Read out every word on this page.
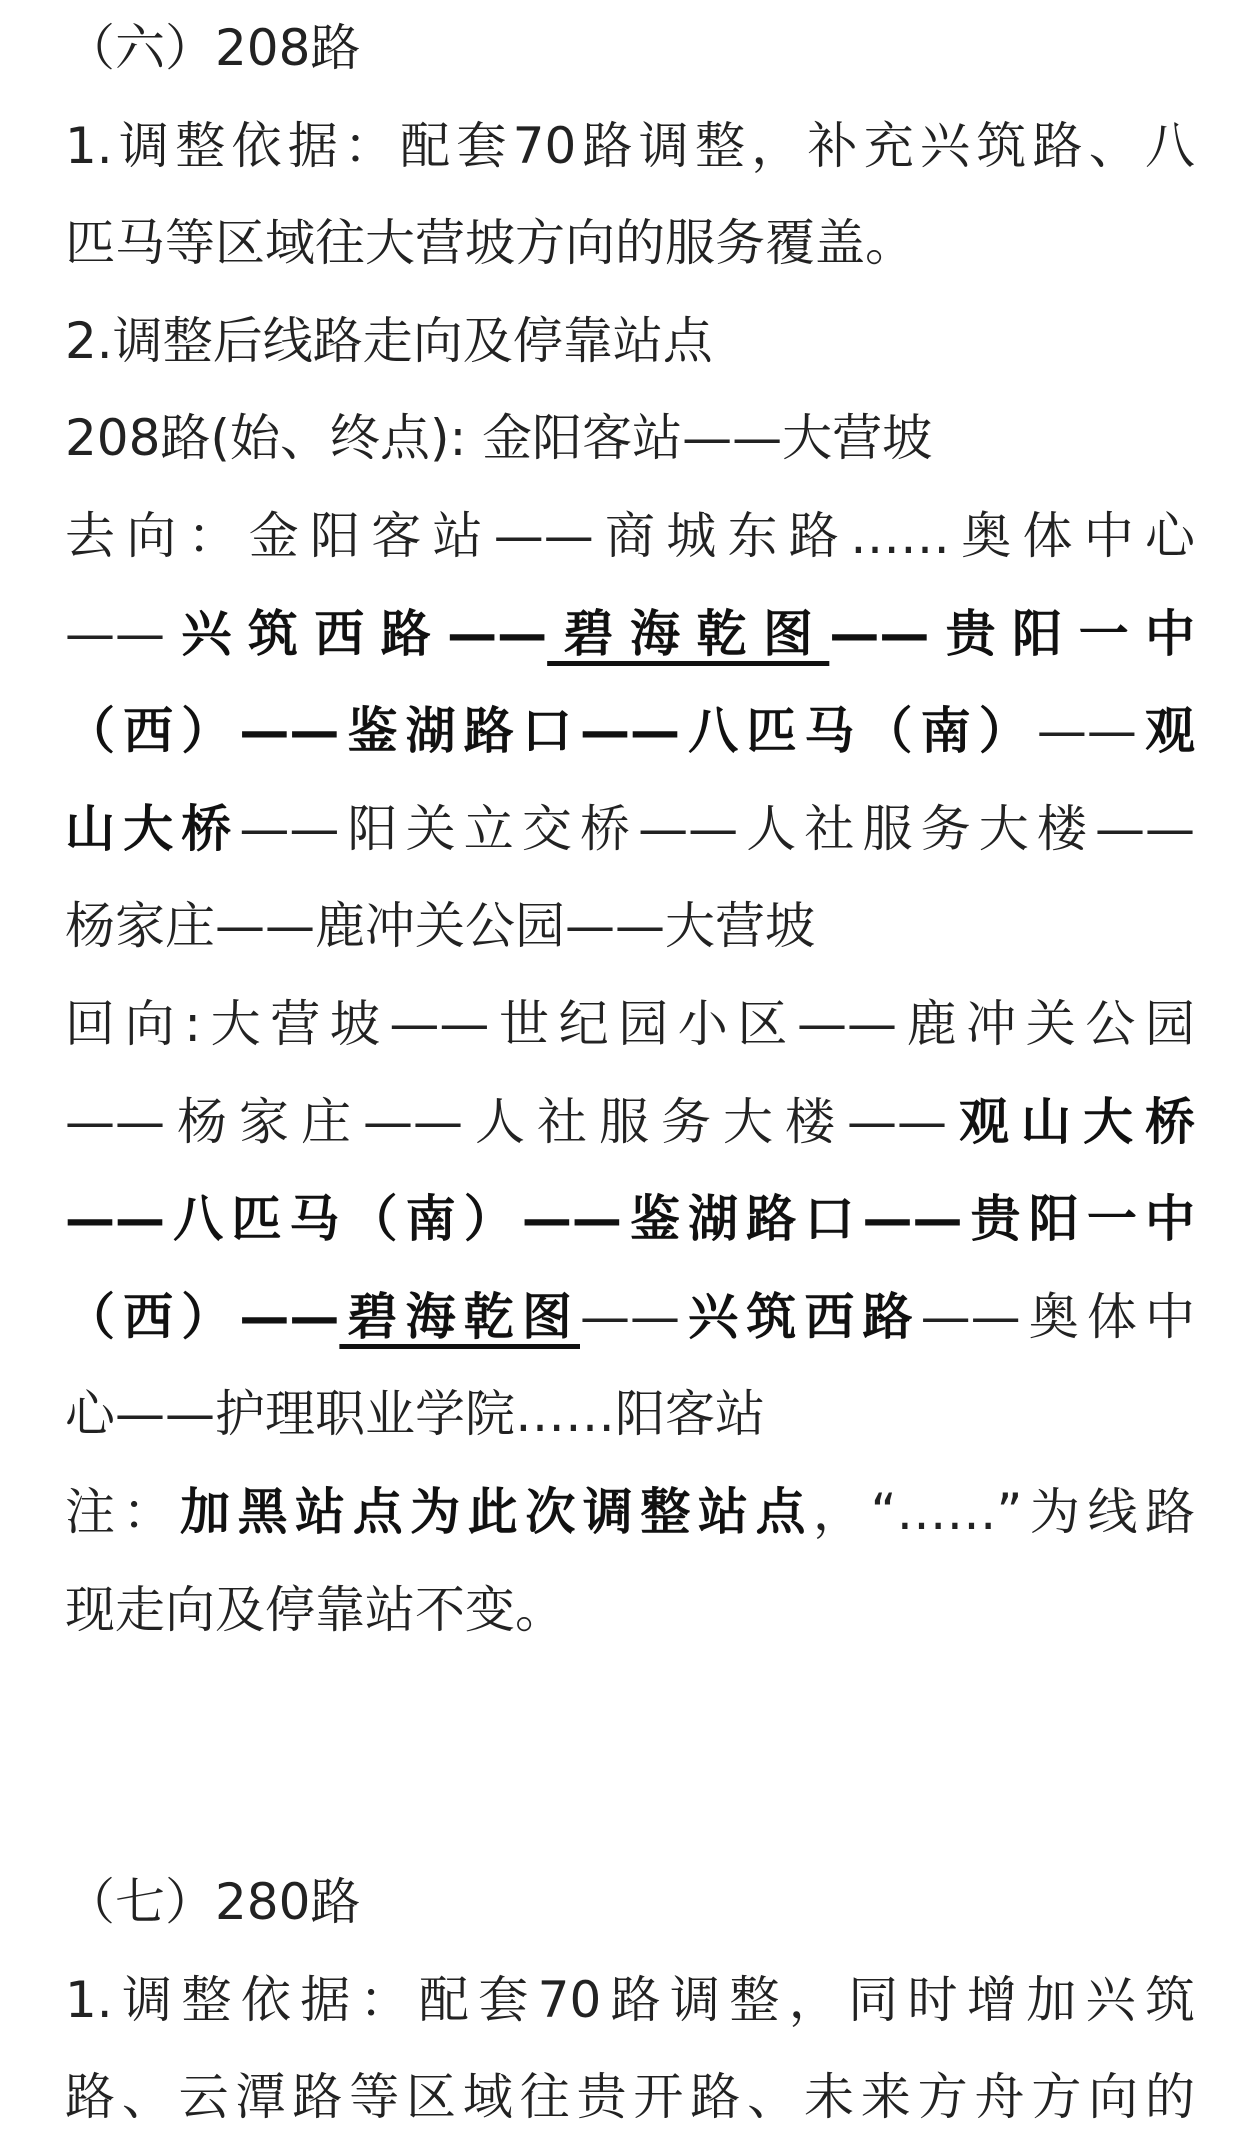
（六）208路
1.调整依据：配套70路调整，补充兴筑路、八
匹马等区域往大营坡方向的服务覆盖。
2.调整后线路走向及停靠站点
208路(始、终点): 金阳客站——大营坡
去向：金阳客站——商城东路……奥体中心
——兴筑西路——碧海乾图——贵阳一中
（西）——鉴湖路口——八匹马（南）——观
山大桥——阳关立交桥——人社服务大楼——
杨家庄——鹿冲关公园——大营坡
回向:大营坡——世纪园小区——鹿冲关公园
——杨家庄——人社服务大楼——观山大桥
——八匹马（南）——鉴湖路口——贵阳一中
（西）——碧海乾图——兴筑西路——奥体中
心——护理职业学院……阳客站
注：加黑站点为此次调整站点，“……”为线路
现走向及停靠站不变。
（七）280路
1.调整依据：配套70路调整，同时增加兴筑
路、云潭路等区域往贵开路、未来方舟方向的
